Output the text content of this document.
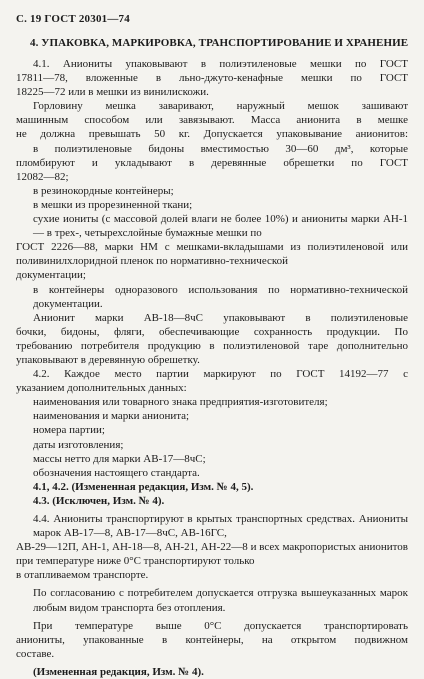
С. 19 ГОСТ 20301—74
4. УПАКОВКА, МАРКИРОВКА, ТРАНСПОРТИРОВАНИЕ И ХРАНЕНИЕ
4.1. Аниониты упаковывают в полиэтиленовые мешки по ГОСТ
17811—78, вложенные в льно-джуто-кенафные мешки по ГОСТ
18225—72 или в мешки из винилискожи.
Горловину мешка заваривают, наружный мешок зашивают
машинным способом или завязывают. Масса анионита в мешке
не должна превышать 50 кг. Допускается упаковывание анионитов:
в полиэтиленовые бидоны вместимостью 30—60 дм³, которые
пломбируют и укладывают в деревянные обрешетки по ГОСТ
12082—82;
в резинокордные контейнеры;
в мешки из прорезиненной ткани;
сухие иониты (с массовой долей влаги не более 10%) и аниониты марки АН-1 — в трех-, четырехслойные бумажные мешки по
ГОСТ 2226—88, марки НМ с мешками-вкладышами из полиэтиленовой или поливинилхлоридной пленок по нормативно-технической
документации;
в контейнеры одноразового использования по нормативно-технической документации.
Анионит марки АВ-18—8чС упаковывают в полиэтиленовые
бочки, бидоны, фляги, обеспечивающие сохранность продукции. По
требованию потребителя продукцию в полиэтиленовой таре дополнительно упаковывают в деревянную обрешетку.
4.2. Каждое место партии маркируют по ГОСТ 14192—77 с
указанием дополнительных данных:
наименования или товарного знака предприятия-изготовителя;
наименования и марки анионита;
номера партии;
даты изготовления;
массы нетто для марки АВ-17—8чС;
обозначения настоящего стандарта.
4.1, 4.2. (Измененная редакция, Изм. № 4, 5).
4.3. (Исключен, Изм. № 4).
4.4. Аниониты транспортируют в крытых транспортных средствах. Аниониты марок АВ-17—8, АВ-17—8чС, АВ-16ГС,
АВ-29—12П, АН-1, АН-18—8, АН-21, АН-22—8 и всех макропористых анионитов при температуре ниже 0°С транспортируют только
в отапливаемом транспорте.
По согласованию с потребителем допускается отгрузка вышеуказанных марок любым видом транспорта без отопления.
При температуре выше 0°С допускается транспортировать
аниониты, упакованные в контейнеры, на открытом подвижном
составе.
(Измененная редакция, Изм. № 4).
